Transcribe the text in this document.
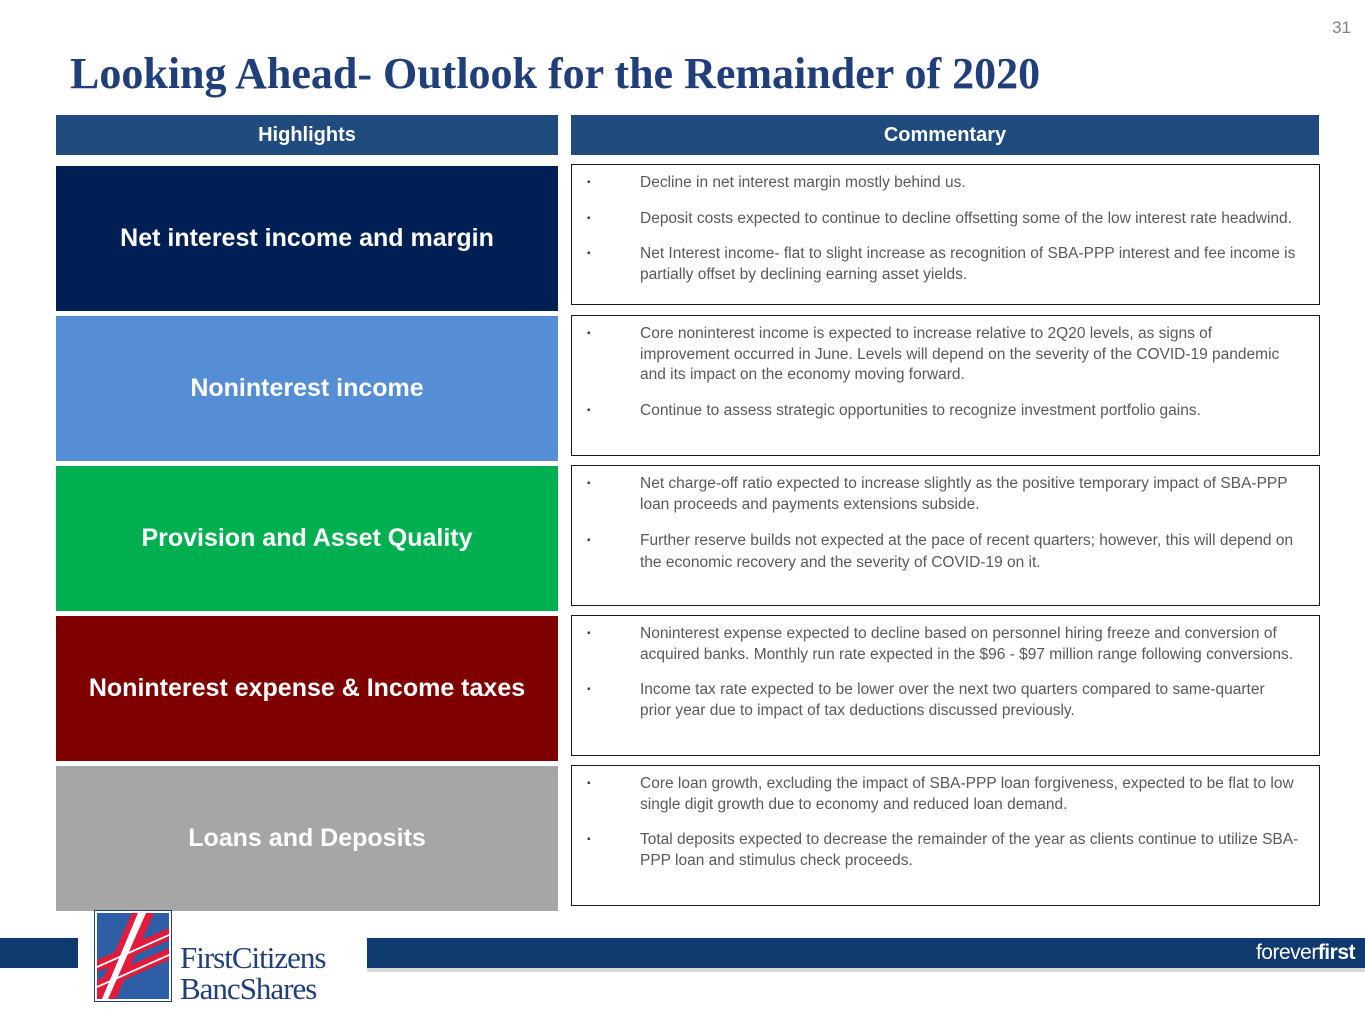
31
Looking Ahead- Outlook for the Remainder of 2020
Highlights	Commentary
Net interest income and margin
▪	Decline in net interest margin mostly behind us.
▪	Deposit costs expected to continue to decline offsetting some of the low interest rate headwind.
▪	Net Interest income- flat to slight increase as recognition of SBA-PPP interest and fee income is partially offset by declining earning asset yields.
Noninterest income
▪	Core noninterest income is expected to increase relative to 2Q20 levels, as signs of improvement occurred in June. Levels will depend on the severity of the COVID-19 pandemic and its impact on the economy moving forward.
▪	Continue to assess strategic opportunities to recognize investment portfolio gains.
Provision and Asset Quality
▪	Net charge-off ratio expected to increase slightly as the positive temporary impact of SBA-PPP loan proceeds and payments extensions subside.
▪	Further reserve builds not expected at the pace of recent quarters; however, this will depend on the economic recovery and the severity of COVID-19 on it.
Noninterest expense & Income taxes
▪	Noninterest expense expected to decline based on personnel hiring freeze and conversion of acquired banks. Monthly run rate expected in the $96 - $97 million range following conversions.
▪	Income tax rate expected to be lower over the next two quarters compared to same-quarter prior year due to impact of tax deductions discussed previously.
Loans and Deposits
▪	Core loan growth, excluding the impact of SBA-PPP loan forgiveness, expected to be flat to low single digit growth due to economy and reduced loan demand.
▪	Total deposits expected to decrease the remainder of the year as clients continue to utilize SBA-PPP loan and stimulus check proceeds.
FirstCitizens
BancShares
foreverfirst
